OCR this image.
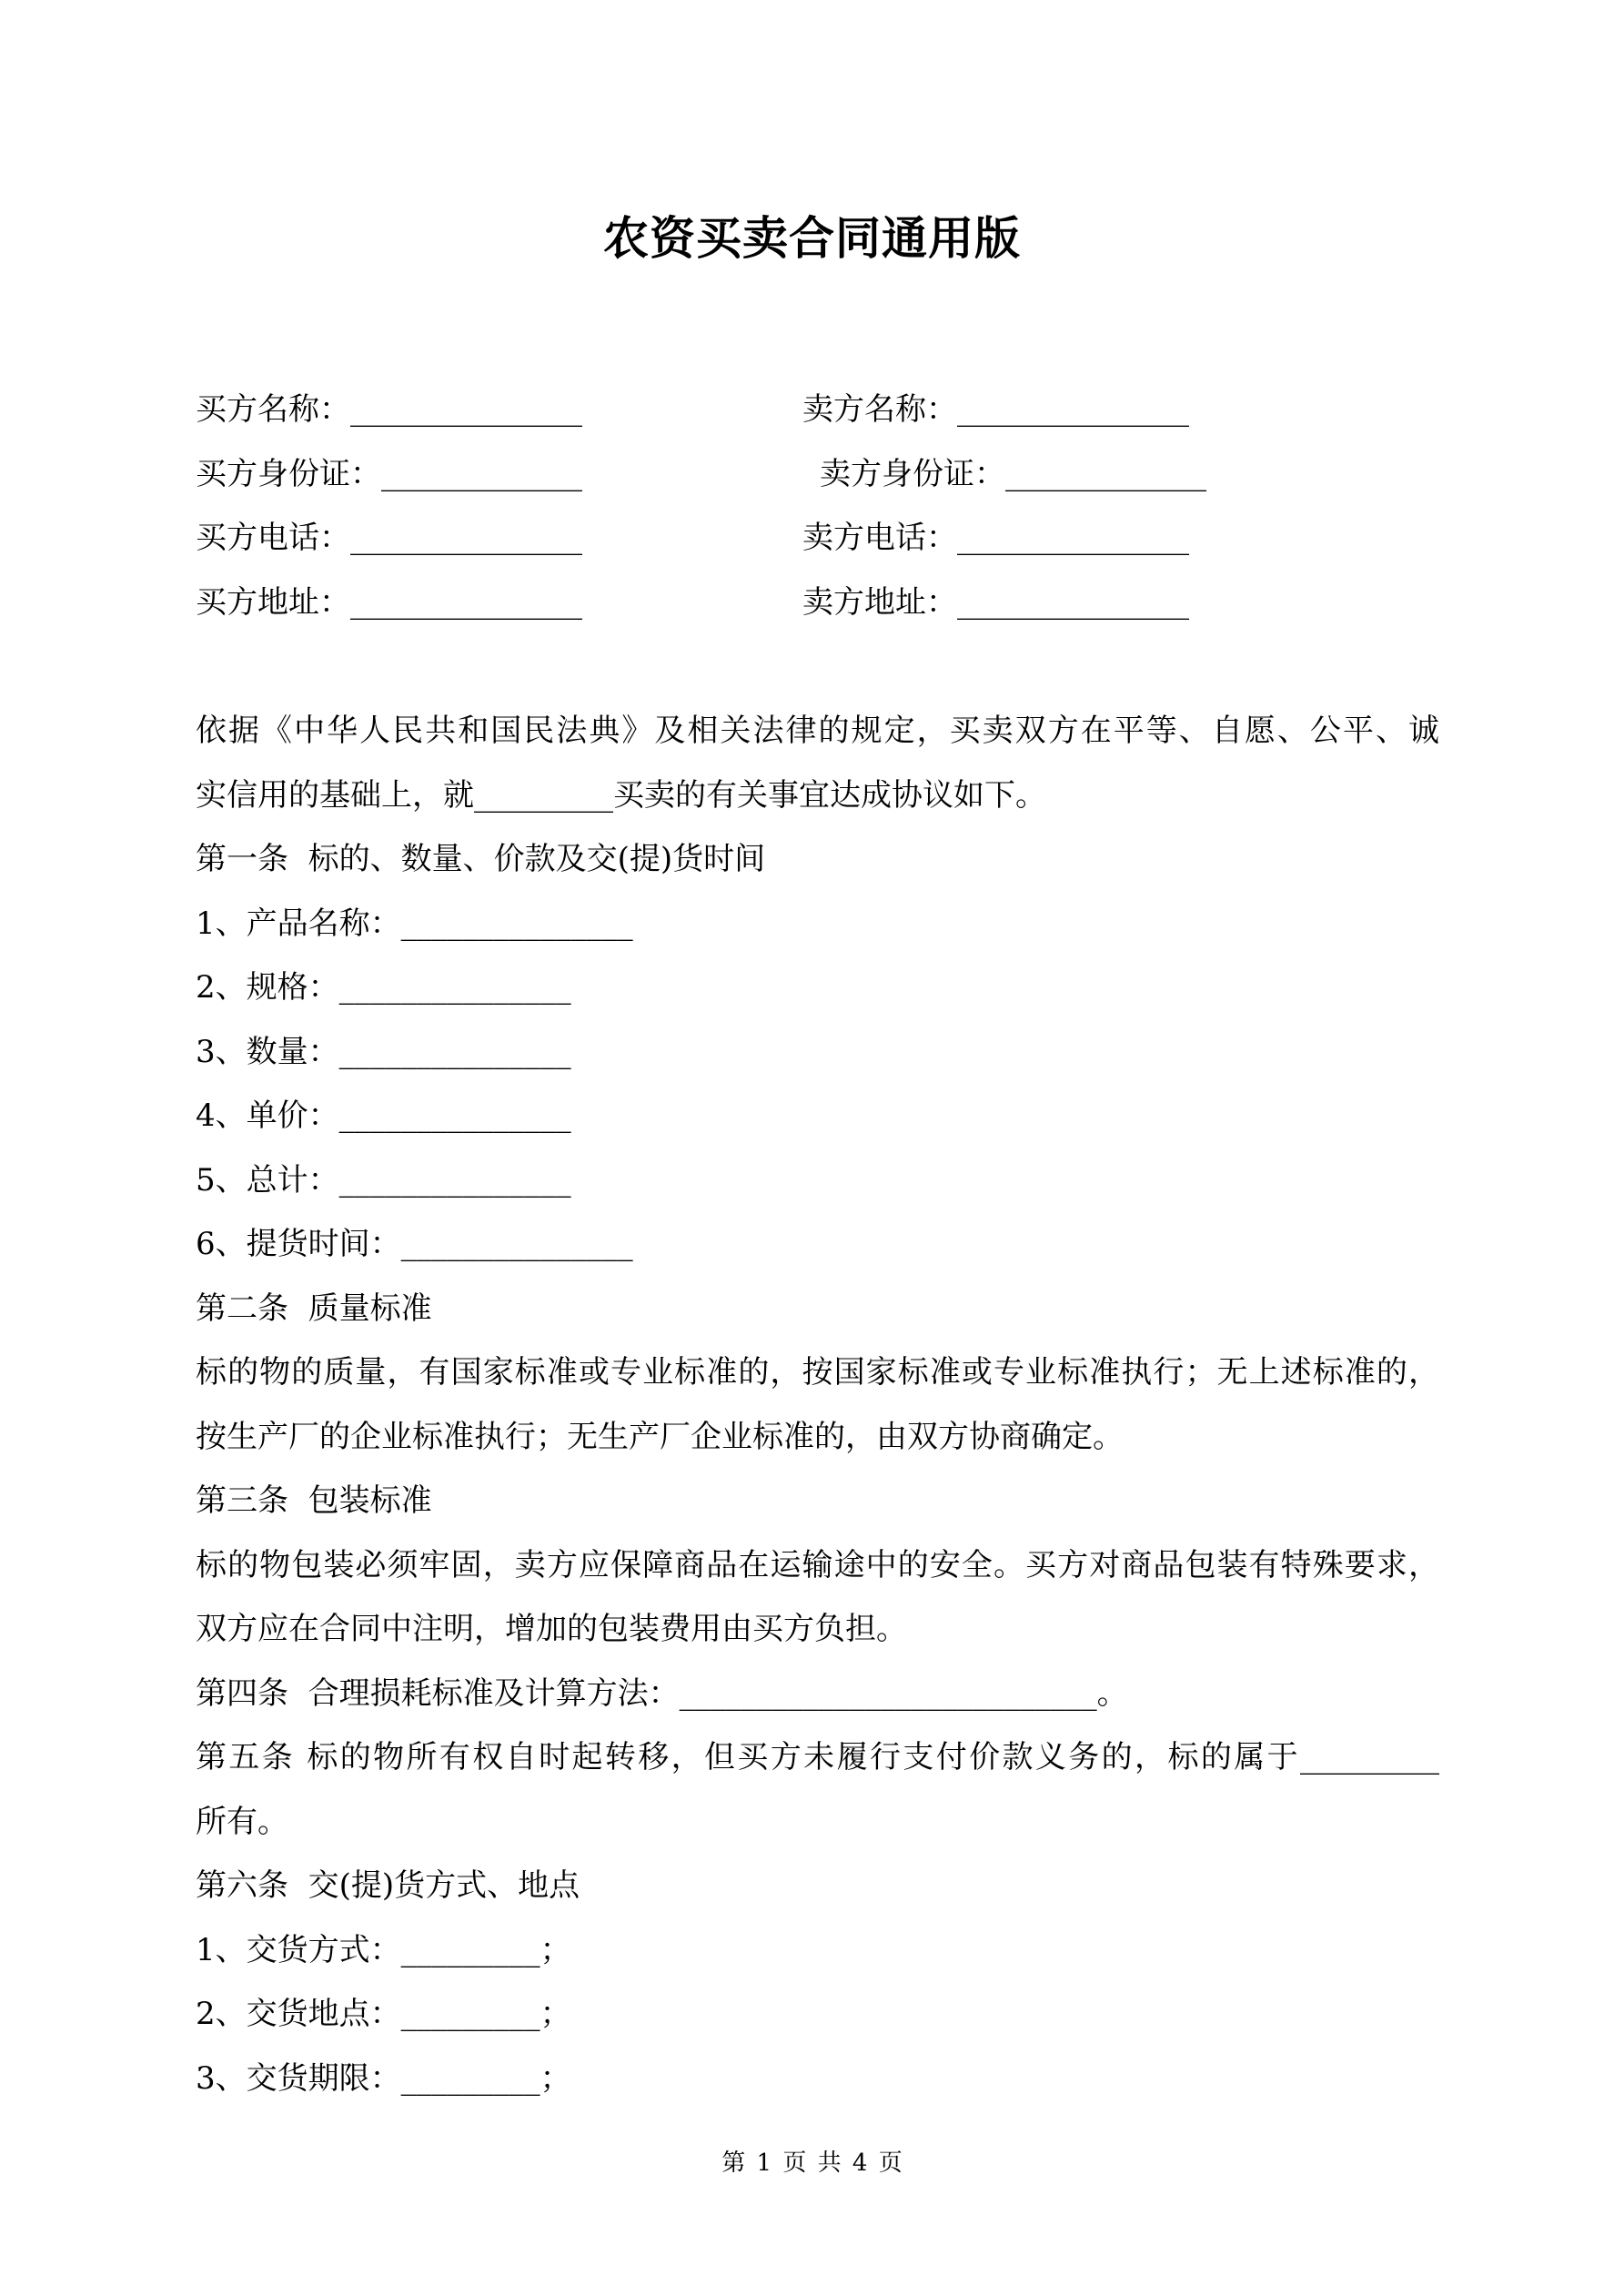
农资买卖合同通用版
买方名称：_______________
买方身份证：_____________
买方电话：_______________
买方地址：_______________
卖方名称：_______________
卖方身份证：_____________
卖方电话：_______________
卖方地址：_______________
依据《中华人民共和国民法典》及相关法律的规定，买卖双方在平等、自愿、公平、诚
实信用的基础上，就_________买卖的有关事宜达成协议如下。
第一条  标的、数量、价款及交(提)货时间
1、产品名称：_______________
2、规格：_______________
3、数量：_______________
4、单价：_______________
5、总计：_______________
6、提货时间：_______________
第二条  质量标准
标的物的质量，有国家标准或专业标准的，按国家标准或专业标准执行；无上述标准的，
按生产厂的企业标准执行；无生产厂企业标准的，由双方协商确定。
第三条  包装标准
标的物包装必须牢固，卖方应保障商品在运输途中的安全。买方对商品包装有特殊要求，
双方应在合同中注明，增加的包装费用由买方负担。
第四条  合理损耗标准及计算方法：___________________________。
第五条 标的物所有权自时起转移，但买方未履行支付价款义务的，标的属于_________
所有。
第六条  交(提)货方式、地点
1、交货方式：_________；
2、交货地点：_________；
3、交货期限：_________；
第 1 页 共 4 页
